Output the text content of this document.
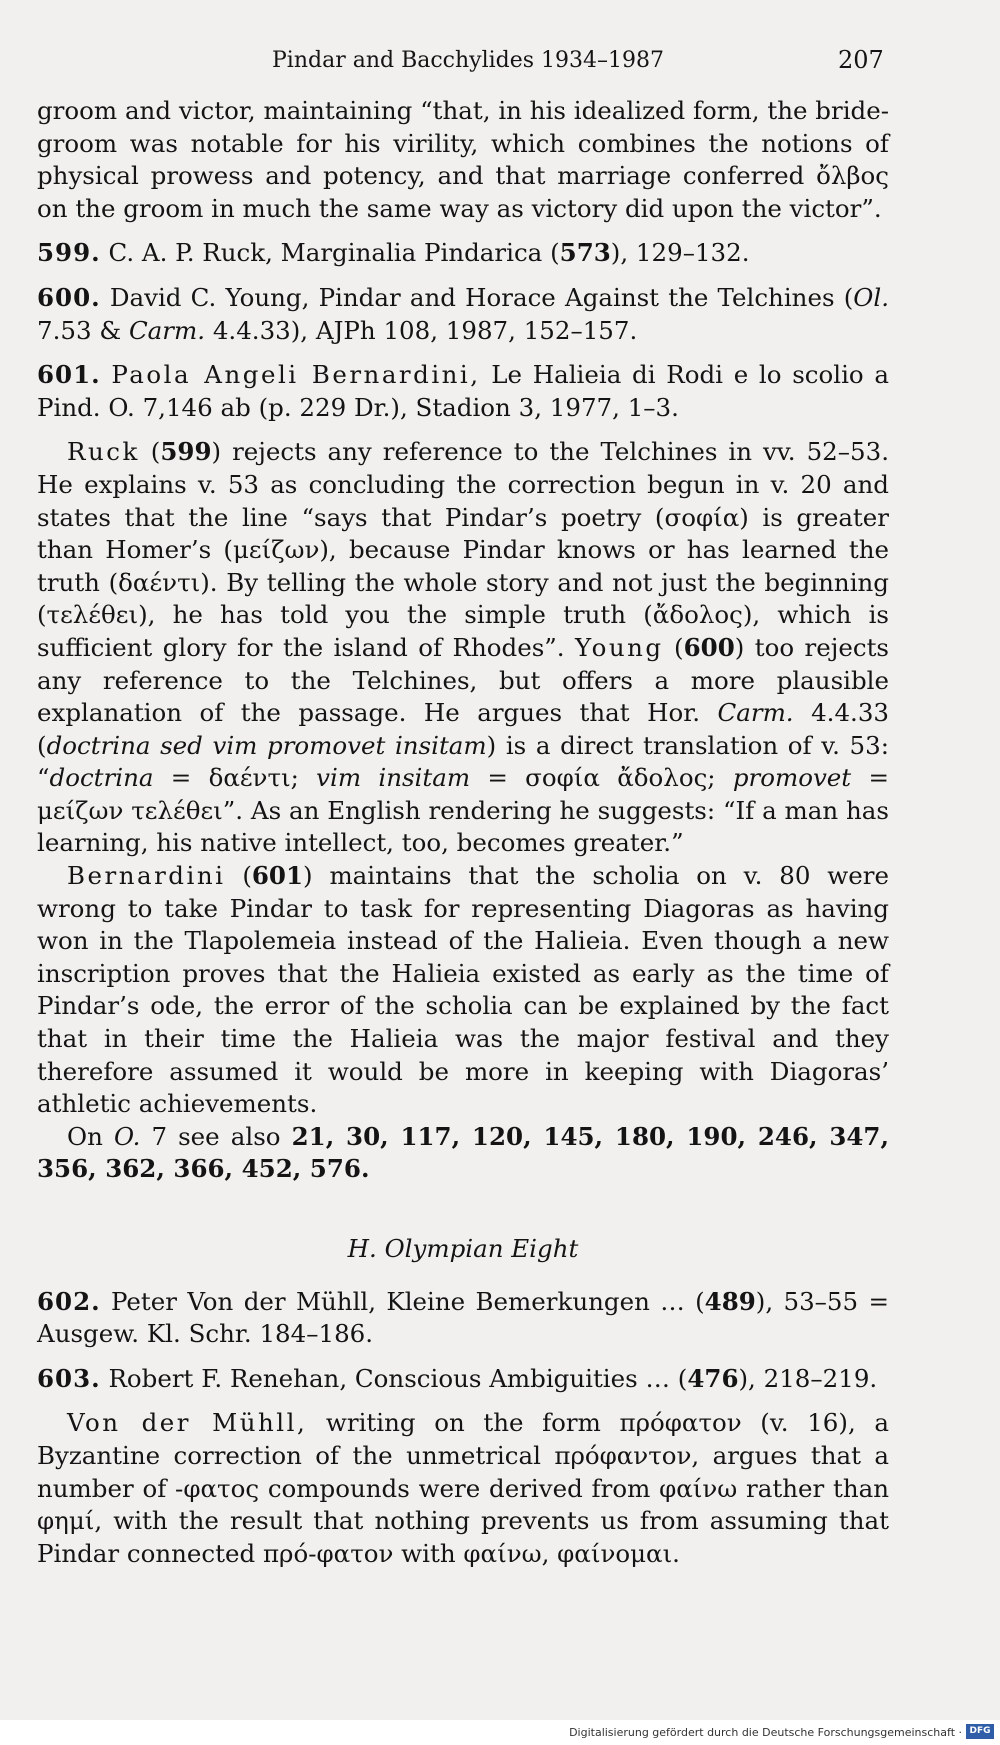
Pindar and Bacchylides 1934–1987	207

groom and victor, maintaining “that, in his idealized form, the bride-groom was notable for his virility, which combines the notions of physical prowess and potency, and that marriage conferred ὄλβος on the groom in much the same way as victory did upon the victor”.

599. C. A. P. Ruck, Marginalia Pindarica (573), 129–132.

600. David C. Young, Pindar and Horace Against the Telchines (Ol. 7.53 & Carm. 4.4.33), AJPh 108, 1987, 152–157.

601. Paola Angeli Bernardini, Le Halieia di Rodi e lo scolio a Pind. O. 7,146 ab (p. 229 Dr.), Stadion 3, 1977, 1–3.

Ruck (599) rejects any reference to the Telchines in vv. 52–53. He explains v. 53 as concluding the correction begun in v. 20 and states that the line “says that Pindar’s poetry (σοφία) is greater than Homer’s (μείζων), because Pindar knows or has learned the truth (δαέντι). By telling the whole story and not just the beginning (τελέθει), he has told you the simple truth (ἄδολος), which is sufficient glory for the island of Rhodes”. Young (600) too rejects any reference to the Telchines, but offers a more plausible explanation of the passage. He argues that Hor. Carm. 4.4.33 (doctrina sed vim promovet insitam) is a direct translation of v. 53: “doctrina = δαέντι; vim insitam = σοφία ἄδολος; promovet = μείζων τελέθει”. As an English rendering he suggests: “If a man has learning, his native intellect, too, becomes greater.”

Bernardini (601) maintains that the scholia on v. 80 were wrong to take Pindar to task for representing Diagoras as having won in the Tlapolemeia instead of the Halieia. Even though a new inscription proves that the Halieia existed as early as the time of Pindar’s ode, the error of the scholia can be explained by the fact that in their time the Halieia was the major festival and they therefore assumed it would be more in keeping with Diagoras’ athletic achievements.

On O. 7 see also 21, 30, 117, 120, 145, 180, 190, 246, 347, 356, 362, 366, 452, 576.

H. Olympian Eight

602. Peter Von der Mühll, Kleine Bemerkungen … (489), 53–55 = Ausgew. Kl. Schr. 184–186.

603. Robert F. Renehan, Conscious Ambiguities … (476), 218–219.

Von der Mühll, writing on the form πρόφατον (v. 16), a Byzantine correction of the unmetrical πρόφαντον, argues that a number of -φατος compounds were derived from φαίνω rather than φημί, with the result that nothing prevents us from assuming that Pindar connected πρό-φατον with φαίνω, φαίνομαι.

Digitalisierung gefördert durch die Deutsche Forschungsgemeinschaft · DFG
